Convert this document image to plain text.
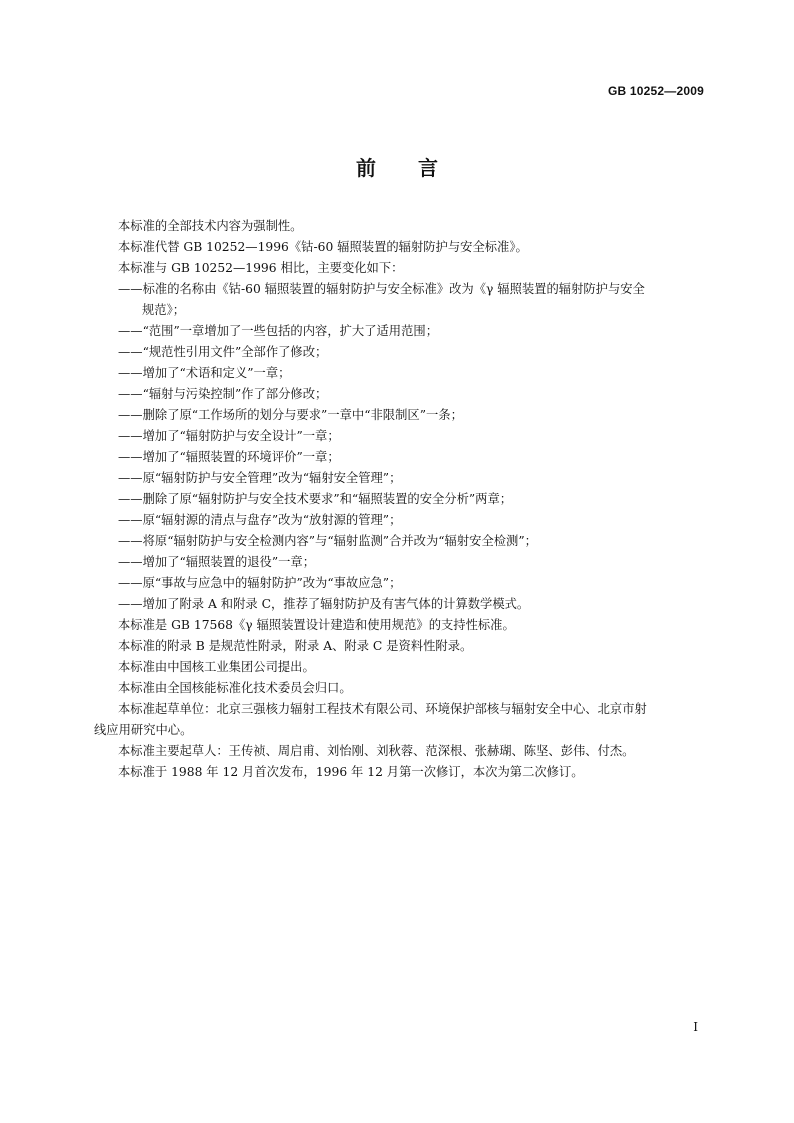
GB 10252—2009
前言
本标准的全部技术内容为强制性。
本标准代替 GB 10252—1996《钴-60 辐照装置的辐射防护与安全标准》。
本标准与 GB 10252—1996 相比，主要变化如下：
——标准的名称由《钴-60 辐照装置的辐射防护与安全标准》改为《γ 辐照装置的辐射防护与安全
规范》；
——“范围”一章增加了一些包括的内容，扩大了适用范围；
——“规范性引用文件”全部作了修改；
——增加了“术语和定义”一章；
——“辐射与污染控制”作了部分修改；
——删除了原“工作场所的划分与要求”一章中“非限制区”一条；
——增加了“辐射防护与安全设计”一章；
——增加了“辐照装置的环境评价”一章；
——原“辐射防护与安全管理”改为“辐射安全管理”；
——删除了原“辐射防护与安全技术要求”和“辐照装置的安全分析”两章；
——原“辐射源的清点与盘存”改为“放射源的管理”；
——将原“辐射防护与安全检测内容”与“辐射监测”合并改为“辐射安全检测”；
——增加了“辐照装置的退役”一章；
——原“事故与应急中的辐射防护”改为“事故应急”；
——增加了附录 A 和附录 C，推荐了辐射防护及有害气体的计算数学模式。
本标准是 GB 17568《γ 辐照装置设计建造和使用规范》的支持性标准。
本标准的附录 B 是规范性附录，附录 A、附录 C 是资料性附录。
本标准由中国核工业集团公司提出。
本标准由全国核能标准化技术委员会归口。
本标准起草单位：北京三强核力辐射工程技术有限公司、环境保护部核与辐射安全中心、北京市射
线应用研究中心。
本标准主要起草人：王传祯、周启甫、刘怡刚、刘秋蓉、范深根、张赫瑚、陈坚、彭伟、付杰。
本标准于 1988 年 12 月首次发布，1996 年 12 月第一次修订，本次为第二次修订。
I
